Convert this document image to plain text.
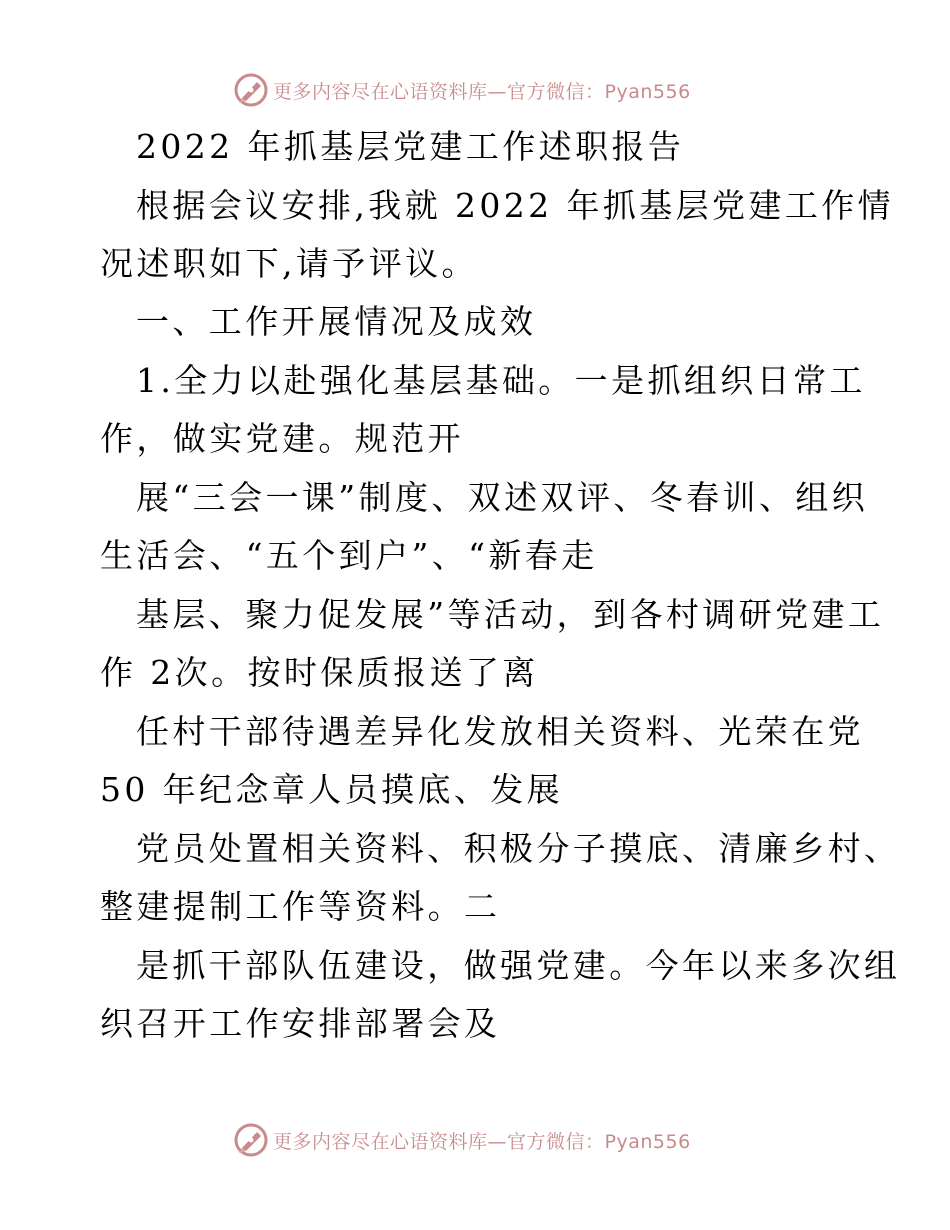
更多内容尽在心语资料库—官方微信：Pyan556
2022 年抓基层党建工作述职报告
根据会议安排,我就 2022 年抓基层党建工作情
况述职如下,请予评议。
一、工作开展情况及成效
1.全力以赴强化基层基础。一是抓组织日常工
作，做实党建。规范开
展“三会一课”制度、双述双评、冬春训、组织
生活会、“五个到户”、“新春走
基层、聚力促发展”等活动，到各村调研党建工
作 2次。按时保质报送了离
任村干部待遇差异化发放相关资料、光荣在党
50 年纪念章人员摸底、发展
党员处置相关资料、积极分子摸底、清廉乡村、
整建提制工作等资料。二
是抓干部队伍建设，做强党建。今年以来多次组
织召开工作安排部署会及
更多内容尽在心语资料库—官方微信：Pyan556
